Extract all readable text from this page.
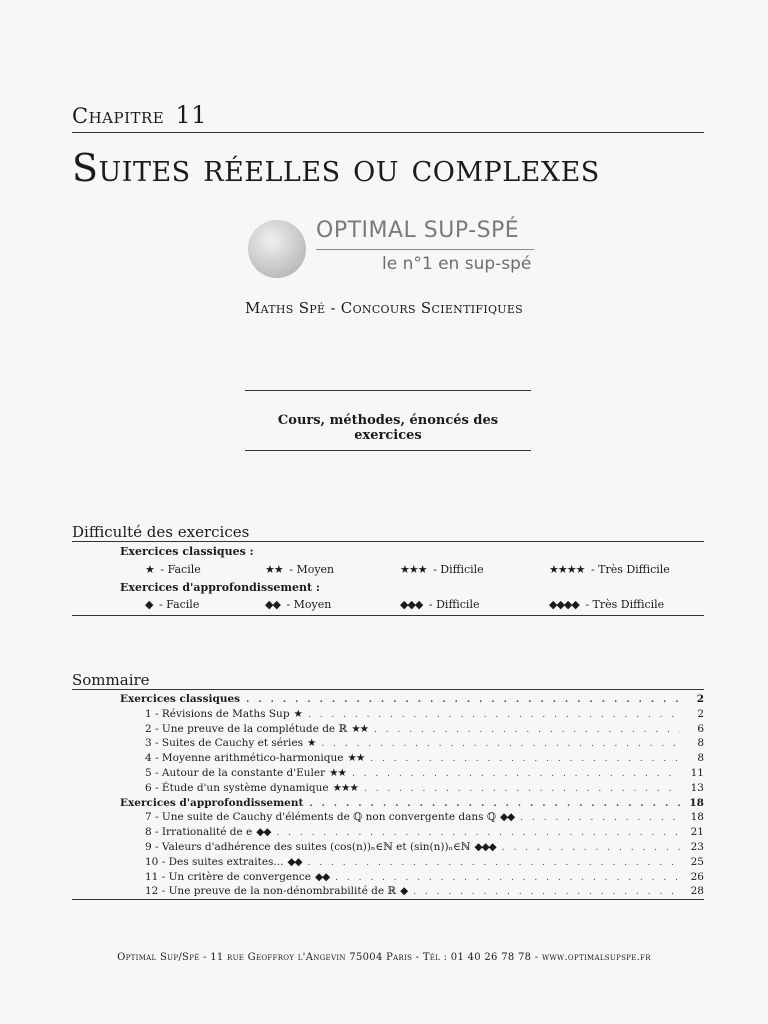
Chapitre 11
Suites réelles ou complexes
OPTIMAL SUP-SPÉ
le n°1 en sup-spé
Maths Spé - Concours Scientifiques
Cours, méthodes, énoncés des exercices
Difficulté des exercices
Exercices classiques :
★ - Facile	★★ - Moyen	★★★ - Difficile	★★★★ - Très Difficile
Exercices d'approfondissement :
◆ - Facile	◆◆ - Moyen	◆◆◆ - Difficile	◆◆◆◆ - Très Difficile
Sommaire
Exercices classiques . . .	2
1 - Révisions de Maths Sup ★ . . .	2
2 - Une preuve de la complétude de ℝ ★★ . . .	6
3 - Suites de Cauchy et séries ★ . . .	8
4 - Moyenne arithmético-harmonique ★★ . . .	8
5 - Autour de la constante d'Euler ★★ . . .	11
6 - Étude d'un système dynamique ★★★ . . .	13
Exercices d'approfondissement . . .	18
7 - Une suite de Cauchy d'éléments de ℚ non convergente dans ℚ ◆◆ . . .	18
8 - Irrationalité de e ◆◆ . . .	21
9 - Valeurs d'adhérence des suites (cos(n))ₙ∈ℕ et (sin(n))ₙ∈ℕ ◆◆◆ . . .	23
10 - Des suites extraites... ◆◆ . . .	25
11 - Un critère de convergence ◆◆ . . .	26
12 - Une preuve de la non-dénombrabilité de ℝ ◆ . . .	28
Optimal Sup/Spé - 11 rue Geoffroy l'Angevin 75004 Paris - Tél : 01 40 26 78 78 - www.optimalsupspe.fr
